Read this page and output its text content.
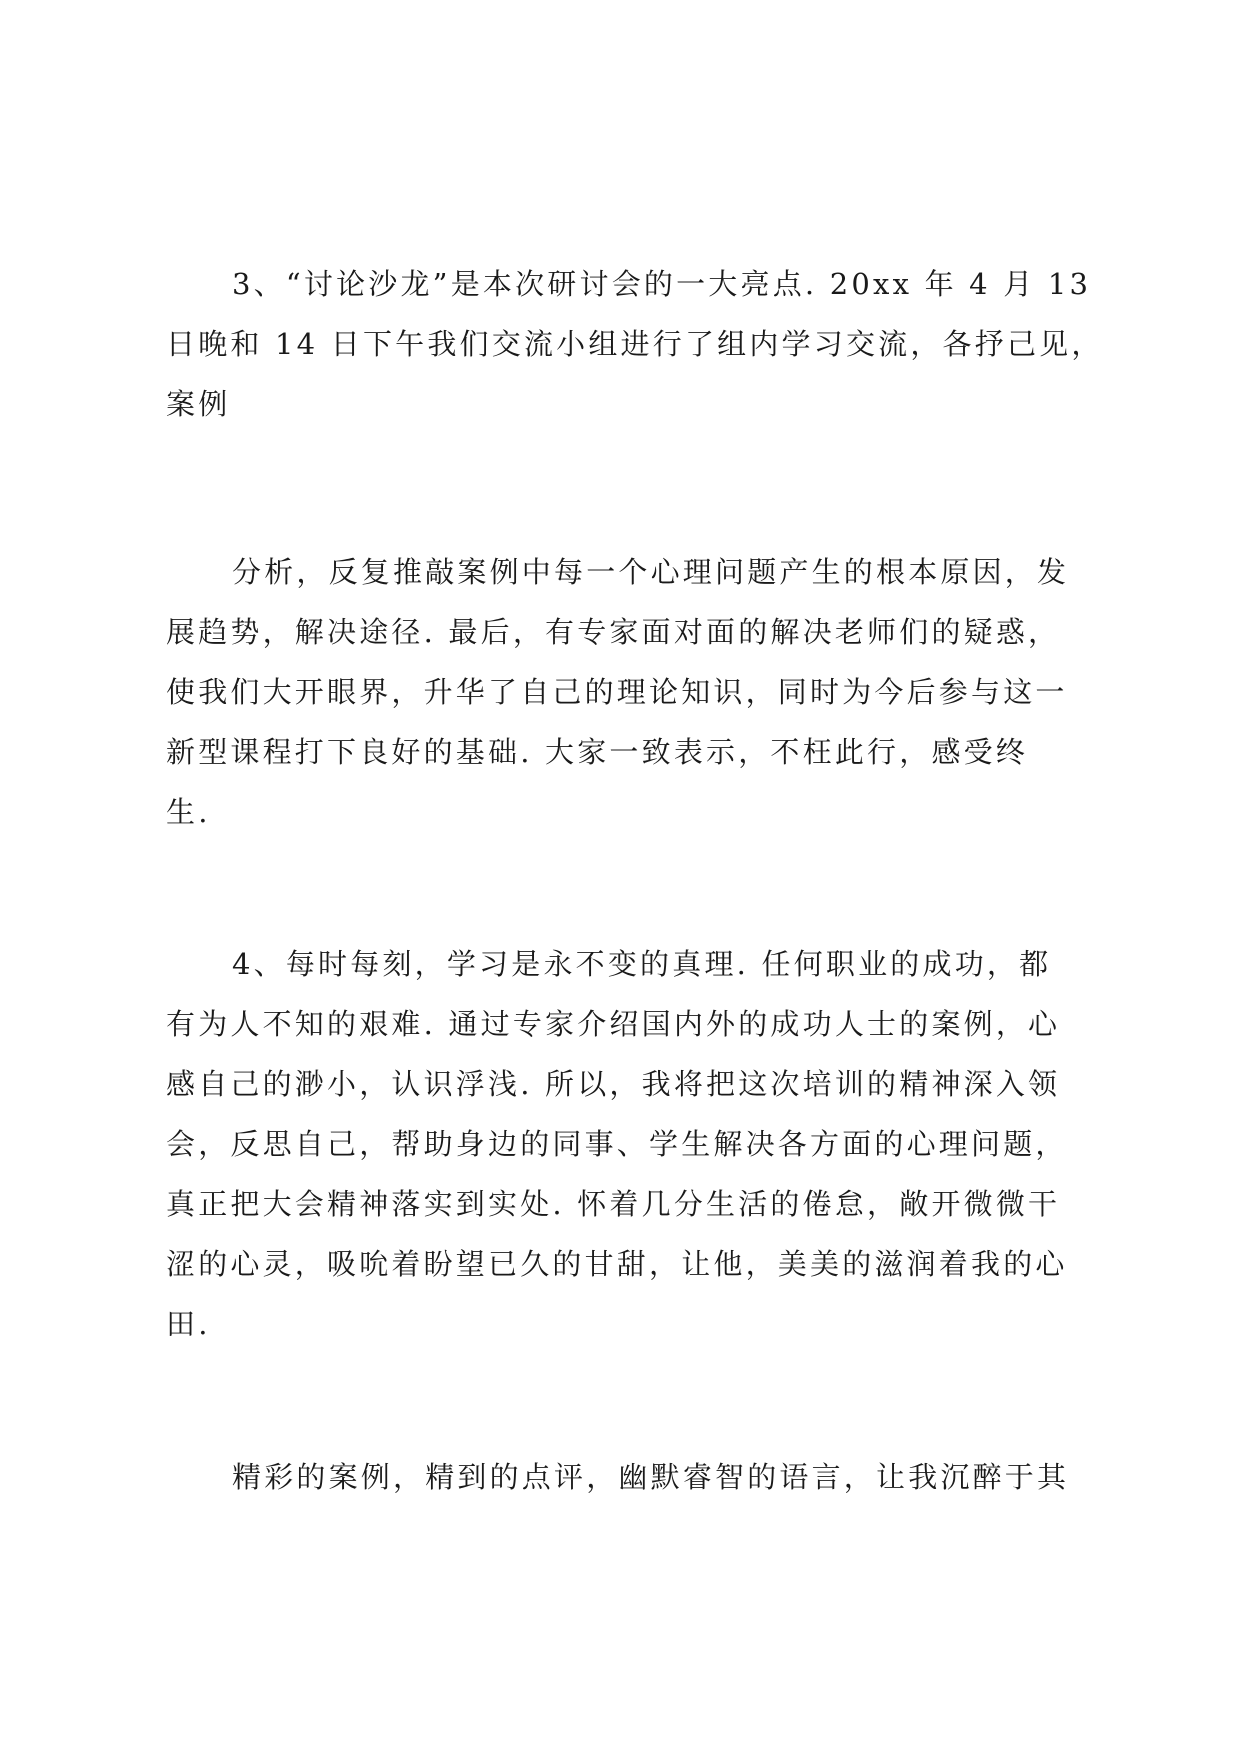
3、“讨论沙龙”是本次研讨会的一大亮点. 20xx 年 4 月 13
日晚和 14 日下午我们交流小组进行了组内学习交流，各抒己见，
案例
分析，反复推敲案例中每一个心理问题产生的根本原因，发
展趋势，解决途径. 最后，有专家面对面的解决老师们的疑惑，
使我们大开眼界，升华了自己的理论知识，同时为今后参与这一
新型课程打下良好的基础. 大家一致表示，不枉此行，感受终
生.
4、每时每刻，学习是永不变的真理. 任何职业的成功，都
有为人不知的艰难. 通过专家介绍国内外的成功人士的案例，心
感自己的渺小，认识浮浅. 所以，我将把这次培训的精神深入领
会，反思自己，帮助身边的同事、学生解决各方面的心理问题，
真正把大会精神落实到实处. 怀着几分生活的倦怠，敞开微微干
涩的心灵，吸吮着盼望已久的甘甜，让他，美美的滋润着我的心
田.
精彩的案例，精到的点评，幽默睿智的语言，让我沉醉于其
